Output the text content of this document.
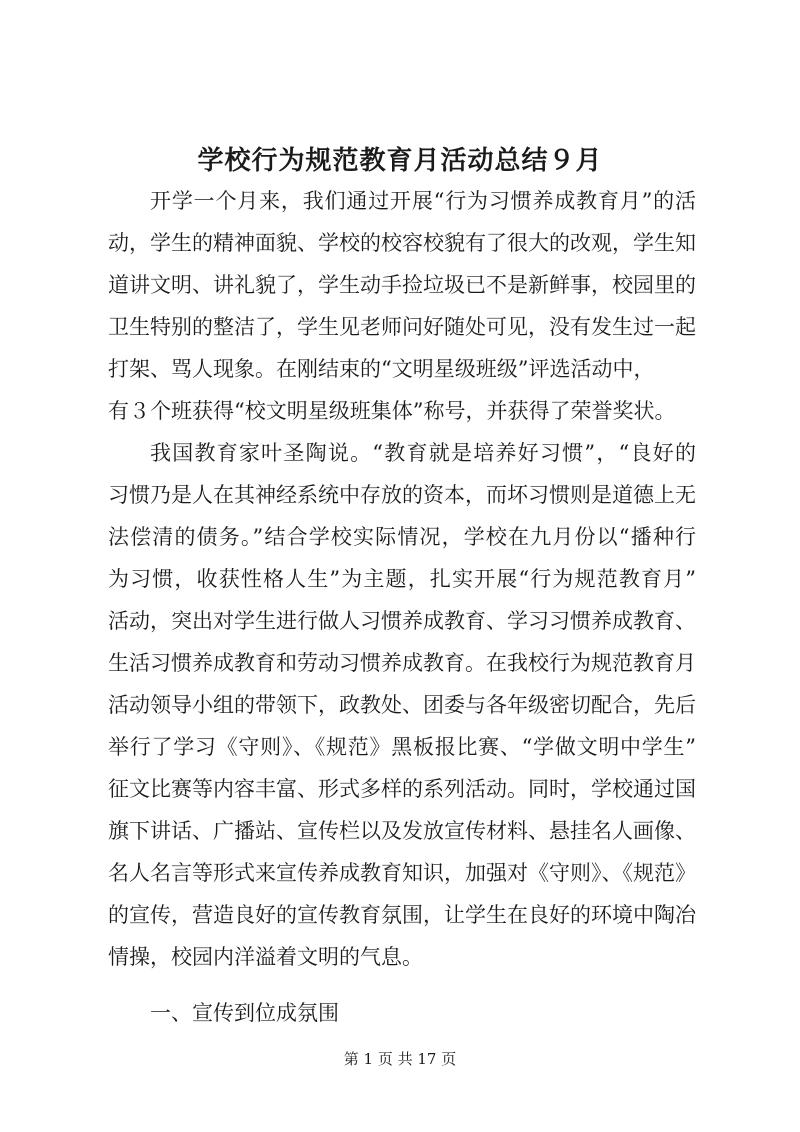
学校行为规范教育月活动总结９月
开学一个月来，我们通过开展“行为习惯养成教育月”的活
动，学生的精神面貌、学校的校容校貌有了很大的改观，学生知
道讲文明、讲礼貌了，学生动手捡垃圾已不是新鲜事，校园里的
卫生特别的整洁了，学生见老师问好随处可见，没有发生过一起
打架、骂人现象。在刚结束的“文明星级班级”评选活动中，
有３个班获得“校文明星级班集体”称号，并获得了荣誉奖状。
我国教育家叶圣陶说。“教育就是培养好习惯”，“良好的
习惯乃是人在其神经系统中存放的资本，而坏习惯则是道德上无
法偿清的债务。”结合学校实际情况，学校在九月份以“播种行
为习惯，收获性格人生”为主题，扎实开展“行为规范教育月”
活动，突出对学生进行做人习惯养成教育、学习习惯养成教育、
生活习惯养成教育和劳动习惯养成教育。在我校行为规范教育月
活动领导小组的带领下，政教处、团委与各年级密切配合，先后
举行了学习《守则》、《规范》黑板报比赛、“学做文明中学生”
征文比赛等内容丰富、形式多样的系列活动。同时，学校通过国
旗下讲话、广播站、宣传栏以及发放宣传材料、悬挂名人画像、
名人名言等形式来宣传养成教育知识，加强对《守则》、《规范》
的宣传，营造良好的宣传教育氛围，让学生在良好的环境中陶冶
情操，校园内洋溢着文明的气息。
一、宣传到位成氛围
第 1 页 共 17 页
